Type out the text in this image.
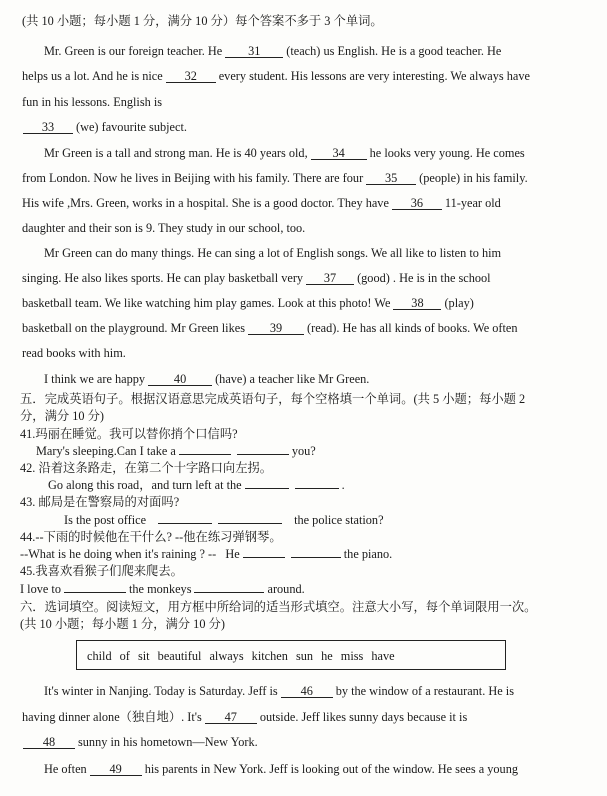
(共 10 小题；每小题 1 分，满分 10 分）每个答案不多于 3 个单词。
Mr. Green is our foreign teacher. He 31 (teach) us English. He is a good teacher. He
helps us a lot. And he is nice 32 every student. His lessons are very interesting. We always have
fun in his lessons. English is
33 (we) favourite subject.
Mr Green is a tall and strong man. He is 40 years old, 34 he looks very young. He comes
from London. Now he lives in Beijing with his family. There are four 35 (people) in his family.
His wife ,Mrs. Green, works in a hospital. She is a good doctor. They have 36 11-year old
daughter and their son is 9. They study in our school, too.
Mr Green can do many things. He can sing a lot of English songs. We all like to listen to him
singing. He also likes sports. He can play basketball very 37 (good) . He is in the school
basketball team. We like watching him play games. Look at this photo! We 38 (play)
basketball on the playground. Mr Green likes 39 (read). He has all kinds of books. We often
read books with him.
I think we are happy 40 (have) a teacher like Mr Green.
五．完成英语句子。根据汉语意思完成英语句子，每个空格填一个单词。(共 5 小题；每小题 2
分，满分 10 分)
41.玛丽在睡觉。我可以替你捎个口信吗?
Mary's sleeping.Can I take a	you?
42. 沿着这条路走，在第二个十字路口向左拐。
Go along this road，and turn left at the	.
43. 邮局是在警察局的对面吗?
Is the post office	the police station?
44.--下雨的时候他在干什么? --他在练习弹钢琴。
--What is he doing when it's raining ? -- He	the piano.
45.我喜欢看猴子们爬来爬去。
I love to	the monkeys	around.
六．选词填空。阅读短文，用方框中所给词的适当形式填空。注意大小写，每个单词限用一次。
(共 10 小题；每小题 1 分，满分 10 分)
child of sit beautiful always kitchen sun he miss have
It's winter in Nanjing. Today is Saturday. Jeff is 46 by the window of a restaurant. He is
having dinner alone（独自地）. It's 47 outside. Jeff likes sunny days because it is
48 sunny in his hometown—New York.
He often 49 his parents in New York. Jeff is looking out of the window. He sees a young
